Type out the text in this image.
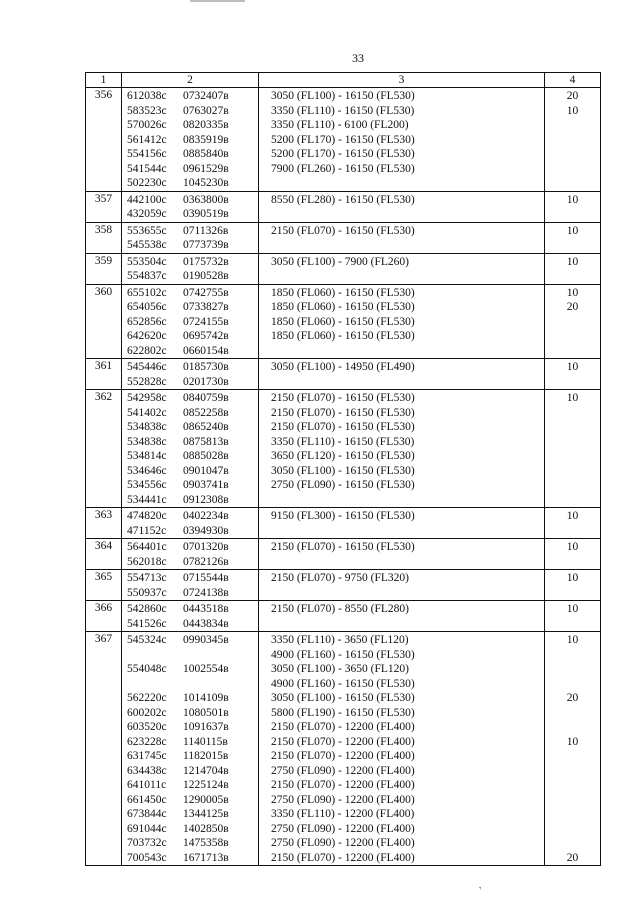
33
1	2	3	4
356	612038c 0732407в	3050 (FL100) - 16150 (FL530)	20
	583523c 0763027в	3350 (FL110) - 16150 (FL530)	10
	570026c 0820335в	3350 (FL110) - 6100 (FL200)	
	561412c 0835919в	5200 (FL170) - 16150 (FL530)	
	554156c 0885840в	5200 (FL170) - 16150 (FL530)	
	541544c 0961529в	7900 (FL260) - 16150 (FL530)	
	502230c 1045230в		
357	442100c 0363800в	8550 (FL280) - 16150 (FL530)	10
	432059c 0390519в		
358	553655c 0711326в	2150 (FL070) - 16150 (FL530)	10
	545538c 0773739в		
359	553504c 0175732в	3050 (FL100) - 7900 (FL260)	10
	554837c 0190528в		
360	655102c 0742755в	1850 (FL060) - 16150 (FL530)	10
	654056c 0733827в	1850 (FL060) - 16150 (FL530)	20
	652856c 0724155в	1850 (FL060) - 16150 (FL530)	
	642620c 0695742в	1850 (FL060) - 16150 (FL530)	
	622802c 0660154в		
361	545446c 0185730в	3050 (FL100) - 14950 (FL490)	10
	552828c 0201730в		
362	542958c 0840759в	2150 (FL070) - 16150 (FL530)	10
	541402c 0852258в	2150 (FL070) - 16150 (FL530)	
	534838c 0865240в	2150 (FL070) - 16150 (FL530)	
	534838c 0875813в	3350 (FL110) - 16150 (FL530)	
	534814c 0885028в	3650 (FL120) - 16150 (FL530)	
	534646c 0901047в	3050 (FL100) - 16150 (FL530)	
	534556c 0903741в	2750 (FL090) - 16150 (FL530)	
	534441c 0912308в		
363	474820c 0402234в	9150 (FL300) - 16150 (FL530)	10
	471152c 0394930в		
364	564401c 0701320в	2150 (FL070) - 16150 (FL530)	10
	562018c 0782126в		
365	554713c 0715544в	2150 (FL070) - 9750 (FL320)	10
	550937c 0724138в		
366	542860c 0443518в	2150 (FL070) - 8550 (FL280)	10
	541526c 0443834в		
367	545324c 0990345в	3350 (FL110) - 3650 (FL120)	10
		4900 (FL160) - 16150 (FL530)	
	554048c 1002554в	3050 (FL100) - 3650 (FL120)	
		4900 (FL160) - 16150 (FL530)	
	562220c 1014109в	3050 (FL100) - 16150 (FL530)	20
	600202c 1080501в	5800 (FL190) - 16150 (FL530)	
	603520c 1091637в	2150 (FL070) - 12200 (FL400)	
	623228c 1140115в	2150 (FL070) - 12200 (FL400)	10
	631745c 1182015в	2150 (FL070) - 12200 (FL400)	
	634438c 1214704в	2750 (FL090) - 12200 (FL400)	
	641011c 1225124в	2150 (FL070) - 12200 (FL400)	
	661450c 1290005в	2750 (FL090) - 12200 (FL400)	
	673844c 1344125в	3350 (FL110) - 12200 (FL400)	
	691044c 1402850в	2750 (FL090) - 12200 (FL400)	
	703732c 1475358в	2750 (FL090) - 12200 (FL400)	
	700543c 1671713в	2150 (FL070) - 12200 (FL400)	20
ʼ
